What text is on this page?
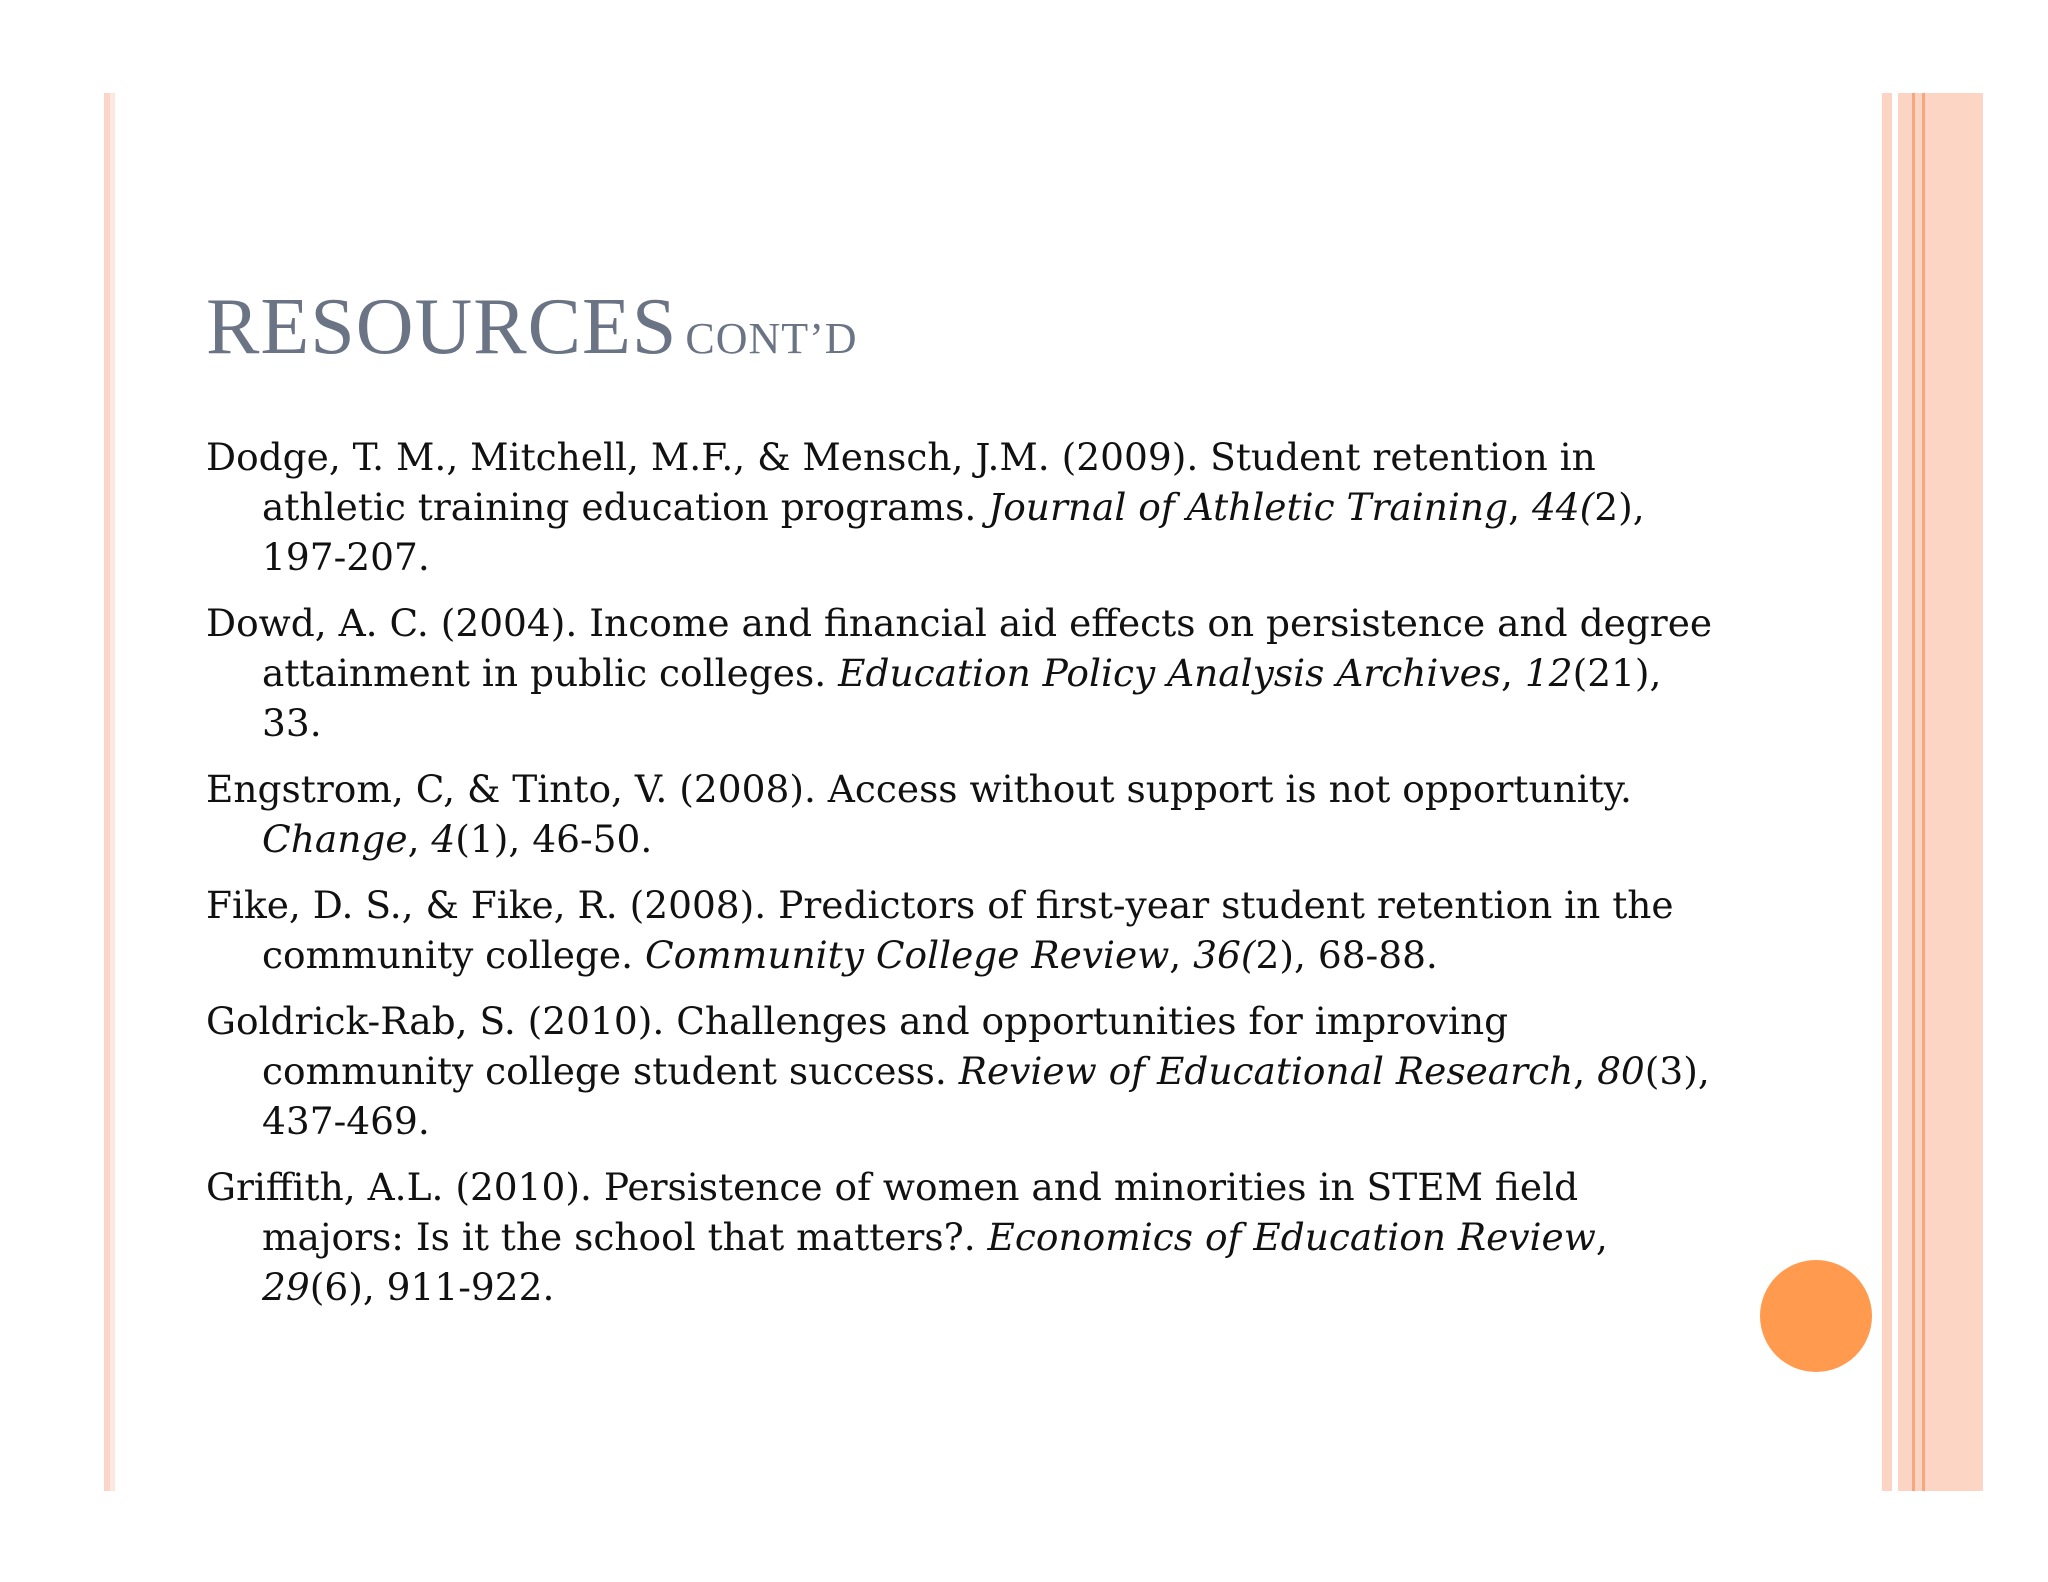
RESOURCES CONT’D
Dodge, T. M., Mitchell, M.F., & Mensch, J.M. (2009). Student retention in athletic training education programs. Journal of Athletic Training, 44(2), 197-207.
Dowd, A. C. (2004). Income and financial aid effects on persistence and degree attainment in public colleges. Education Policy Analysis Archives, 12(21), 33.
Engstrom, C, & Tinto, V. (2008). Access without support is not opportunity. Change, 4(1), 46-50.
Fike, D. S., & Fike, R. (2008). Predictors of first-year student retention in the community college. Community College Review, 36(2), 68-88.
Goldrick-Rab, S. (2010). Challenges and opportunities for improving community college student success. Review of Educational Research, 80(3), 437-469.
Griffith, A.L. (2010). Persistence of women and minorities in STEM field majors: Is it the school that matters?. Economics of Education Review, 29(6), 911-922.
